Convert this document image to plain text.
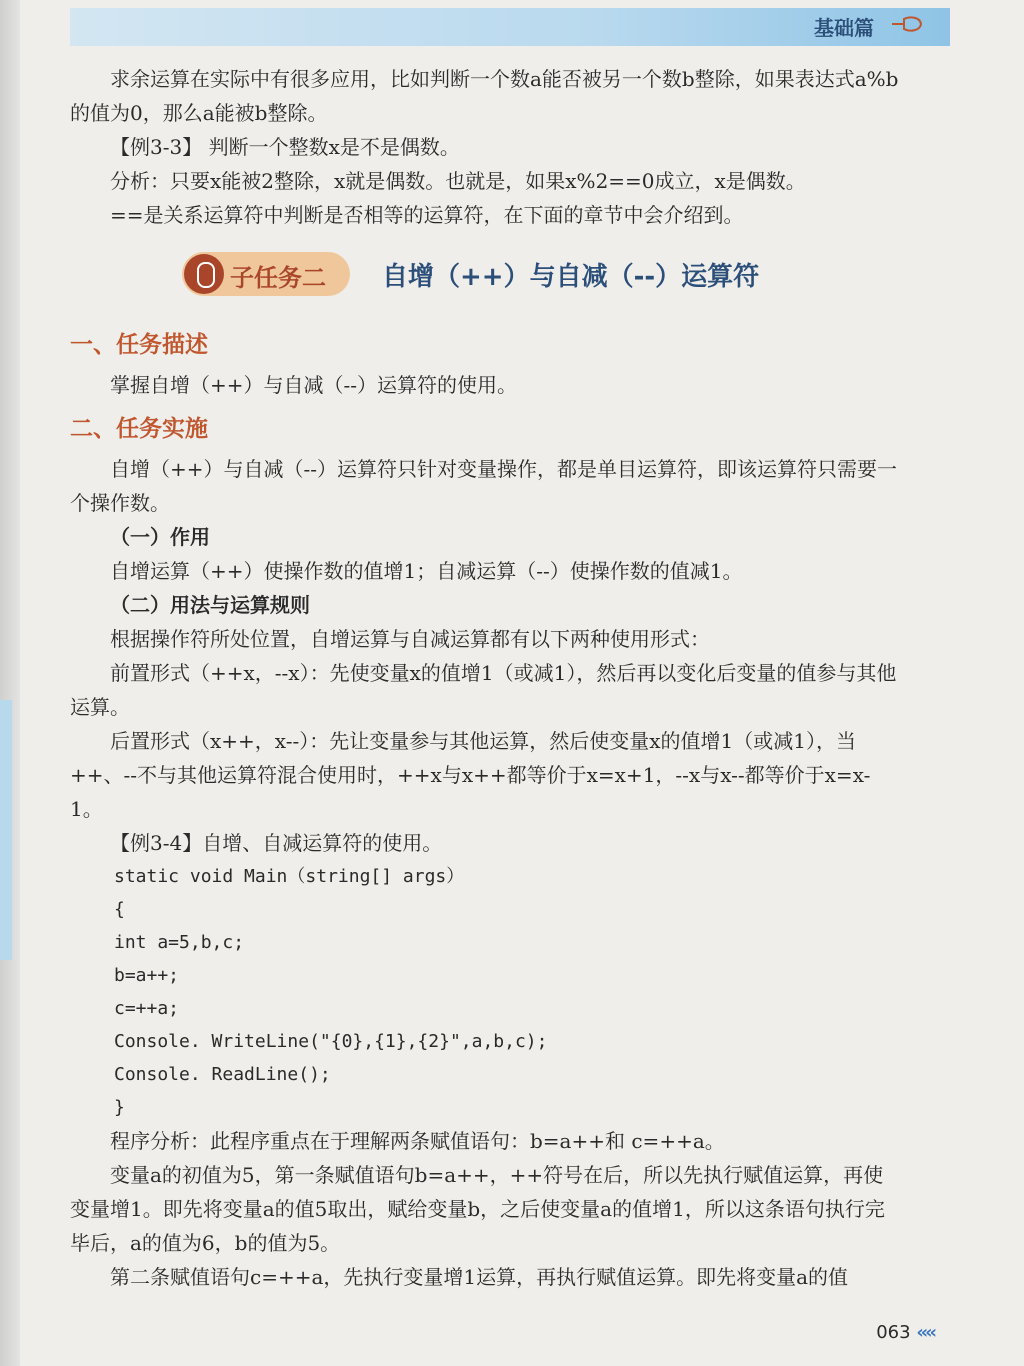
基础篇

求余运算在实际中有很多应用，比如判断一个数a能否被另一个数b整除，如果表达式a%b的值为0，那么a能被b整除。

【例3-3】 判断一个整数x是不是偶数。

分析：只要x能被2整除，x就是偶数。也就是，如果x%2==0成立，x是偶数。

==是关系运算符中判断是否相等的运算符，在下面的章节中会介绍到。

子任务二 自增（++）与自减（--）运算符
一、任务描述

掌握自增（++）与自减（--）运算符的使用。

二、任务实施

自增（++）与自减（--）运算符只针对变量操作，都是单目运算符，即该运算符只需要一个操作数。

（一）作用

自增运算（++）使操作数的值增1；自减运算（--）使操作数的值减1。

（二）用法与运算规则

根据操作符所处位置，自增运算与自减运算都有以下两种使用形式：

前置形式（++x，--x）：先使变量x的值增1（或减1），然后再以变化后变量的值参与其他运算。

后置形式（x++，x--）：先让变量参与其他运算，然后使变量x的值增1（或减1），当++、--不与其他运算符混合使用时，++x与x++都等价于x=x+1，--x与x--都等价于x=x-1。

【例3-4】自增、自减运算符的使用。

static void Main（string[] args）

{

int a=5,b,c;

b=a++;

c=++a;

Console. WriteLine("{0},{1},{2}",a,b,c);

Console. ReadLine();

}

程序分析：此程序重点在于理解两条赋值语句：b=a++和 c=++a。

变量a的初值为5，第一条赋值语句b=a++，++符号在后，所以先执行赋值运算，再使变量增1。即先将变量a的值5取出，赋给变量b，之后使变量a的值增1，所以这条语句执行完毕后，a的值为6，b的值为5。

第二条赋值语句c=++a，先执行变量增1运算，再执行赋值运算。即先将变量a的值

063 ‹‹‹‹
